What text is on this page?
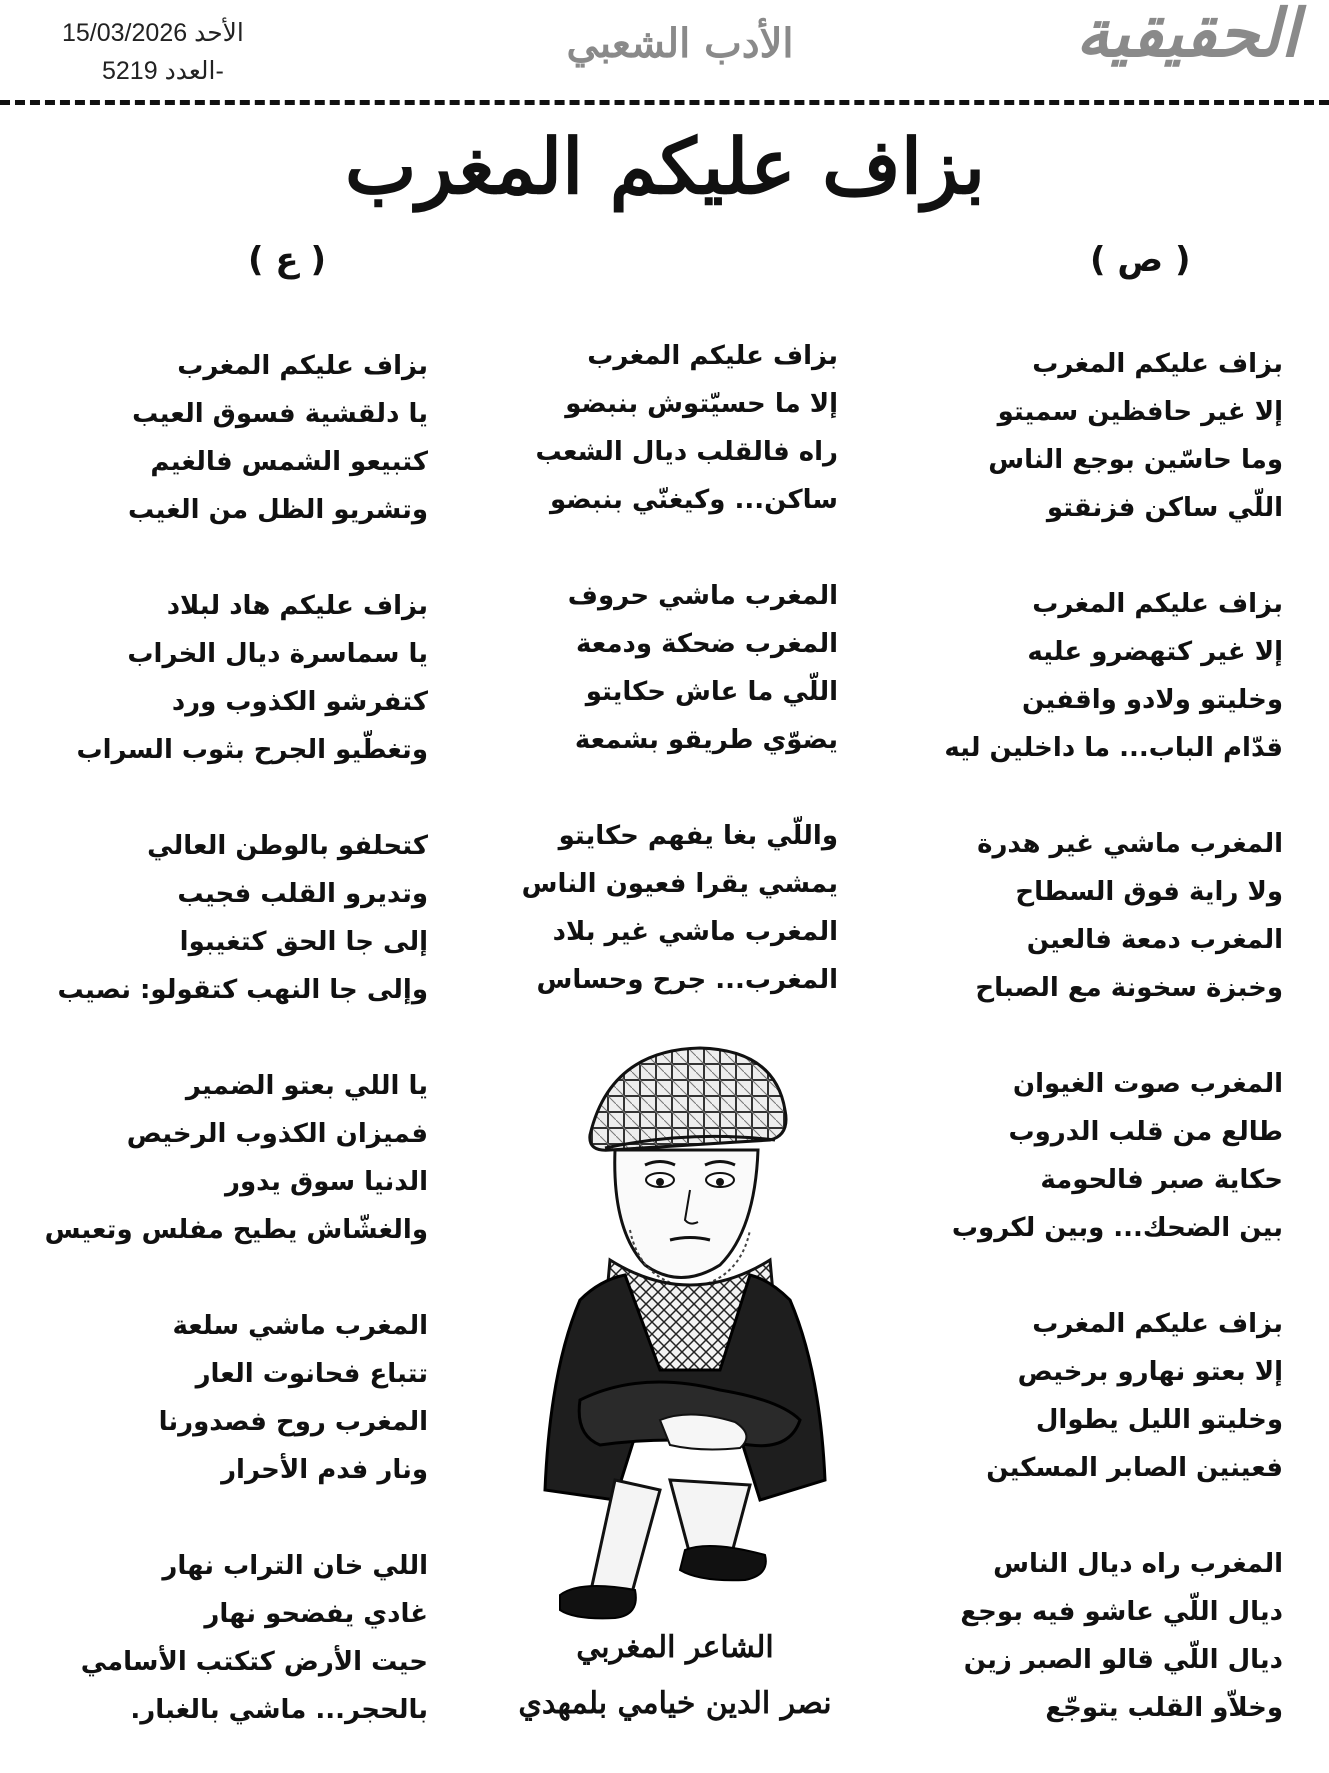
الحقيقية
الأدب الشعبي
الأحد 15/03/2026
العدد 5219-
بزاف عليكم المغرب
( ص )
( ع )
بزاف عليكم المغرب
إلا غير حافظين سميتو
وما حاسّين بوجع الناس
اللّي ساكن فزنقتو
بزاف عليكم المغرب
إلا غير كتهضرو عليه
وخليتو ولادو واقفين
قدّام الباب... ما داخلين ليه
المغرب ماشي غير هدرة
ولا راية فوق السطاح
المغرب دمعة فالعين
وخبزة سخونة مع الصباح
المغرب صوت الغيوان
طالع من قلب الدروب
حكاية صبر فالحومة
بين الضحك... وبين لكروب
بزاف عليكم المغرب
إلا بعتو نهارو برخيص
وخليتو الليل يطوال
فعينين الصابر المسكين
المغرب راه ديال الناس
ديال اللّي عاشو فيه بوجع
ديال اللّي قالو الصبر زين
وخلاّو القلب يتوجّع
بزاف عليكم المغرب
إلا ما حسيّتوش بنبضو
راه فالقلب ديال الشعب
ساكن... وكيغنّي بنبضو
المغرب ماشي حروف
المغرب ضحكة ودمعة
اللّي ما عاش حكايتو
يضوّي طريقو بشمعة
واللّي بغا يفهم حكايتو
يمشي يقرا فعيون الناس
المغرب ماشي غير بلاد
المغرب... جرح وحساس
بزاف عليكم المغرب
يا دلقشية فسوق العيب
كتبيعو الشمس فالغيم
وتشريو الظل من الغيب
بزاف عليكم هاد لبلاد
يا سماسرة ديال الخراب
كتفرشو الكذوب ورد
وتغطّيو الجرح بثوب السراب
كتحلفو بالوطن العالي
وتديرو القلب فجيب
إلى جا الحق كتغيبوا
وإلى جا النهب كتقولو: نصيب
يا اللي بعتو الضمير
فميزان الكذوب الرخيص
الدنيا سوق يدور
والغشّاش يطيح مفلس وتعيس
المغرب ماشي سلعة
تتباع فحانوت العار
المغرب روح فصدورنا
ونار فدم الأحرار
اللي خان التراب نهار
غادي يفضحو نهار
حيت الأرض كتكتب الأسامي
بالحجر... ماشي بالغبار.
الشاعر المغربي
نصر الدين خيامي بلمهدي
